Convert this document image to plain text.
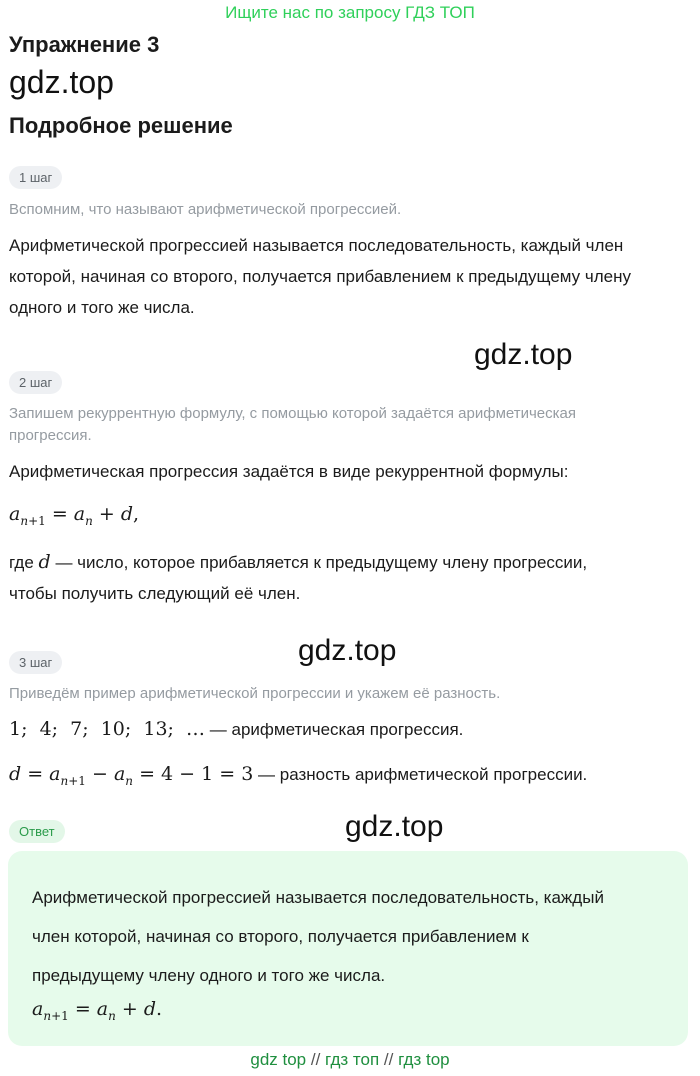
Ищите нас по запросу ГДЗ ТОП
Упражнение 3
gdz.top
Подробное решение
1 шаг
Вспомним, что называют арифметической прогрессией.
Арифметической прогрессией называется последовательность, каждый член
которой, начиная со второго, получается прибавлением к предыдущему члену
одного и того же числа.
gdz.top
2 шаг
Запишем рекуррентную формулу, с помощью которой задаётся арифметическая
прогрессия.
Арифметическая прогрессия задаётся в виде рекуррентной формулы:
$a_{n+1} = a_n + d$,
где d — число, которое прибавляется к предыдущему члену прогрессии,
чтобы получить следующий её член.
gdz.top
3 шаг
Приведём пример арифметической прогрессии и укажем её разность.
1;  4;  7;  10;  13;  … — арифметическая прогрессия.
$d = a_{n+1} - a_n = 4 - 1 = 3$ — разность арифметической прогрессии.
Ответ	gdz.top
Арифметической прогрессией называется последовательность, каждый
член которой, начиная со второго, получается прибавлением к
предыдущему члену одного и того же числа.
$a_{n+1} = a_n + d$.
gdz top // гдз топ // гдз top
